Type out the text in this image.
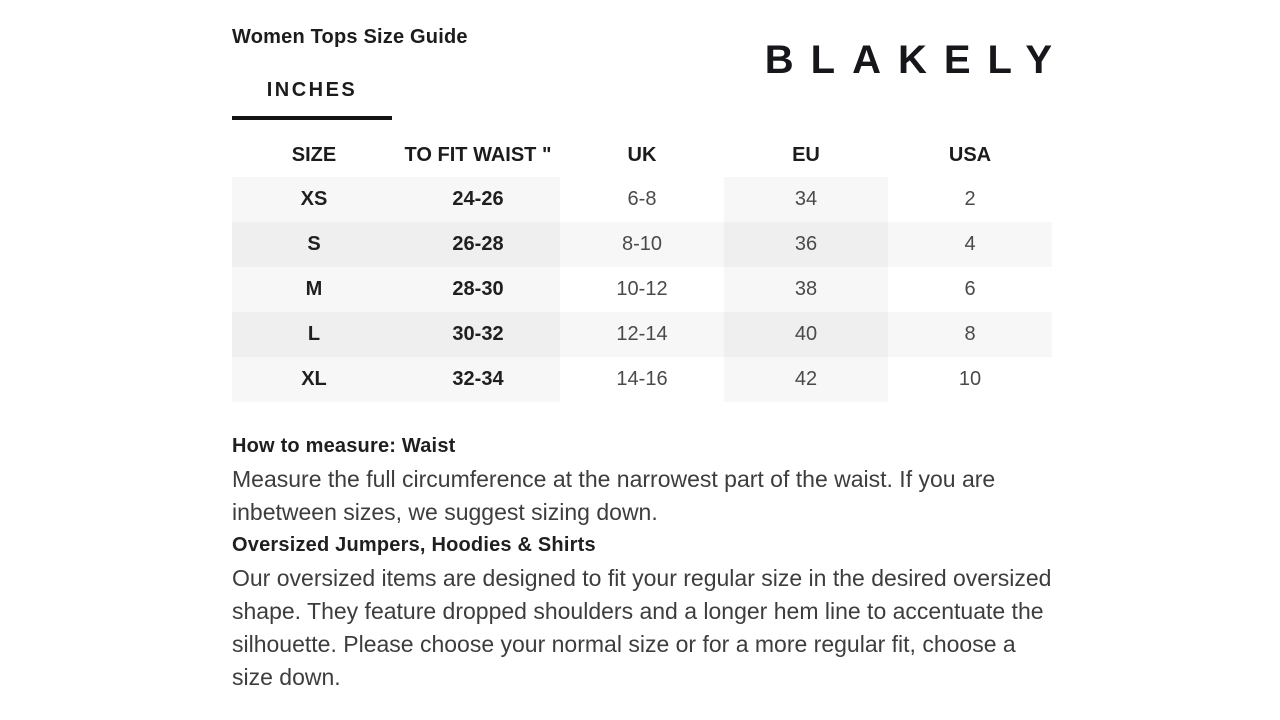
Women Tops Size Guide
BLAKELY
INCHES
SIZE	TO FIT WAIST "	UK	EU	USA
XS	24-26	6-8	34	2
S	26-28	8-10	36	4
M	28-30	10-12	38	6
L	30-32	12-14	40	8
XL	32-34	14-16	42	10
How to measure: Waist

Measure the full circumference at the narrowest part of the waist. If you are inbetween sizes, we suggest sizing down.

Oversized Jumpers, Hoodies & Shirts

Our oversized items are designed to fit your regular size in the desired oversized shape. They feature dropped shoulders and a longer hem line to accentuate the silhouette. Please choose your normal size or for a more regular fit, choose a size down.
